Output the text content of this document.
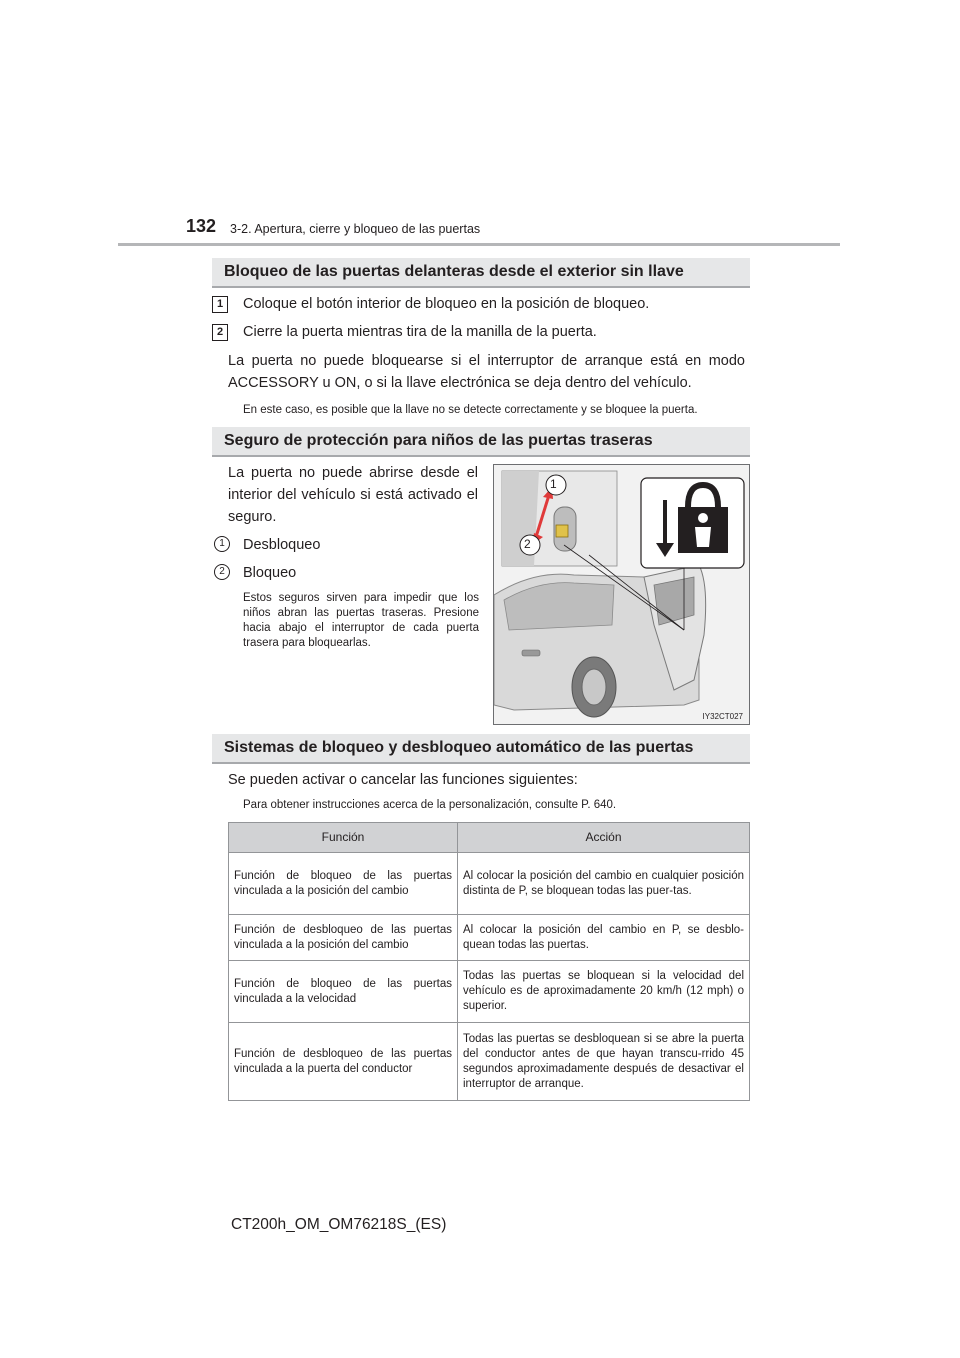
132 3-2. Apertura, cierre y bloqueo de las puertas
Bloqueo de las puertas delanteras desde el exterior sin llave
1	Coloque el botón interior de bloqueo en la posición de bloqueo.
2	Cierre la puerta mientras tira de la manilla de la puerta.
La puerta no puede bloquearse si el interruptor de arranque está en modo ACCESSORY u ON, o si la llave electrónica se deja dentro del vehículo.
En este caso, es posible que la llave no se detecte correctamente y se bloquee la puerta.
Seguro de protección para niños de las puertas traseras
La puerta no puede abrirse desde el interior del vehículo si está activado el seguro.
1	Desbloqueo
2	Bloqueo
Estos seguros sirven para impedir que los niños abran las puertas traseras. Presione hacia abajo el interruptor de cada puerta trasera para bloquearlas.
1
2
IY32CT027
Sistemas de bloqueo y desbloqueo automático de las puertas
Se pueden activar o cancelar las funciones siguientes:
Para obtener instrucciones acerca de la personalización, consulte P. 640.
Función	Acción
Función de bloqueo de las puertas vinculada a la posición del cambio	Al colocar la posición del cambio en cualquier posición distinta de P, se bloquean todas las puer-tas.
Función de desbloqueo de las puertas vinculada a la posición del cambio	Al colocar la posición del cambio en P, se desblo-quean todas las puertas.
Función de bloqueo de las puertas vinculada a la velocidad	Todas las puertas se bloquean si la velocidad del vehículo es de aproximadamente 20 km/h (12 mph) o superior.
Función de desbloqueo de las puertas vinculada a la puerta del conductor	Todas las puertas se desbloquean si se abre la puerta del conductor antes de que hayan transcu-rrido 45 segundos aproximadamente después de desactivar el interruptor de arranque.
CT200h_OM_OM76218S_(ES)
